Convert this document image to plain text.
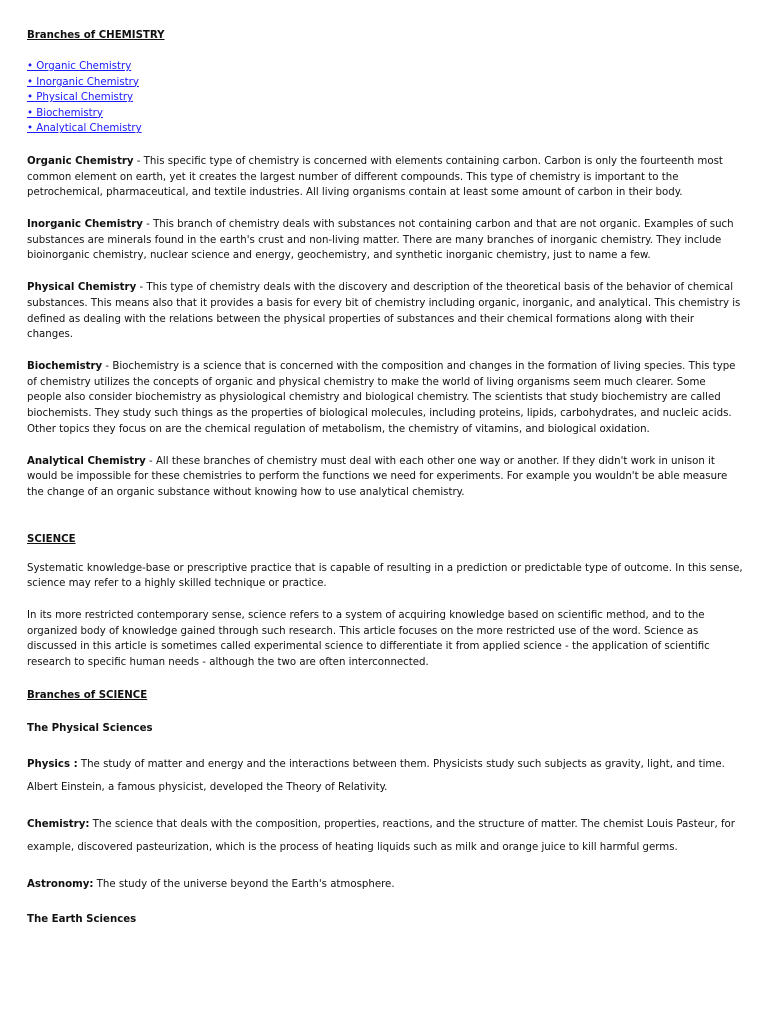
Branches of CHEMISTRY

• Organic Chemistry
• Inorganic Chemistry
• Physical Chemistry
• Biochemistry
• Analytical Chemistry

Organic Chemistry - This specific type of chemistry is concerned with elements containing carbon. Carbon is only the fourteenth most common element on earth, yet it creates the largest number of different compounds. This type of chemistry is important to the petrochemical, pharmaceutical, and textile industries. All living organisms contain at least some amount of carbon in their body.

Inorganic Chemistry - This branch of chemistry deals with substances not containing carbon and that are not organic. Examples of such substances are minerals found in the earth's crust and non-living matter. There are many branches of inorganic chemistry. They include bioinorganic chemistry, nuclear science and energy, geochemistry, and synthetic inorganic chemistry, just to name a few.

Physical Chemistry - This type of chemistry deals with the discovery and description of the theoretical basis of the behavior of chemical substances. This means also that it provides a basis for every bit of chemistry including organic, inorganic, and analytical. This chemistry is defined as dealing with the relations between the physical properties of substances and their chemical formations along with their changes.

Biochemistry - Biochemistry is a science that is concerned with the composition and changes in the formation of living species. This type of chemistry utilizes the concepts of organic and physical chemistry to make the world of living organisms seem much clearer. Some people also consider biochemistry as physiological chemistry and biological chemistry. The scientists that study biochemistry are called biochemists. They study such things as the properties of biological molecules, including proteins, lipids, carbohydrates, and nucleic acids. Other topics they focus on are the chemical regulation of metabolism, the chemistry of vitamins, and biological oxidation.

Analytical Chemistry - All these branches of chemistry must deal with each other one way or another. If they didn't work in unison it would be impossible for these chemistries to perform the functions we need for experiments. For example you wouldn't be able measure the change of an organic substance without knowing how to use analytical chemistry.

SCIENCE

Systematic knowledge-base or prescriptive practice that is capable of resulting in a prediction or predictable type of outcome. In this sense, science may refer to a highly skilled technique or practice.

In its more restricted contemporary sense, science refers to a system of acquiring knowledge based on scientific method, and to the organized body of knowledge gained through such research. This article focuses on the more restricted use of the word. Science as discussed in this article is sometimes called experimental science to differentiate it from applied science - the application of scientific research to specific human needs - although the two are often interconnected.

Branches of SCIENCE

The Physical Sciences

Physics : The study of matter and energy and the interactions between them. Physicists study such subjects as gravity, light, and time. Albert Einstein, a famous physicist, developed the Theory of Relativity.

Chemistry: The science that deals with the composition, properties, reactions, and the structure of matter. The chemist Louis Pasteur, for example, discovered pasteurization, which is the process of heating liquids such as milk and orange juice to kill harmful germs.

Astronomy: The study of the universe beyond the Earth's atmosphere.

The Earth Sciences
